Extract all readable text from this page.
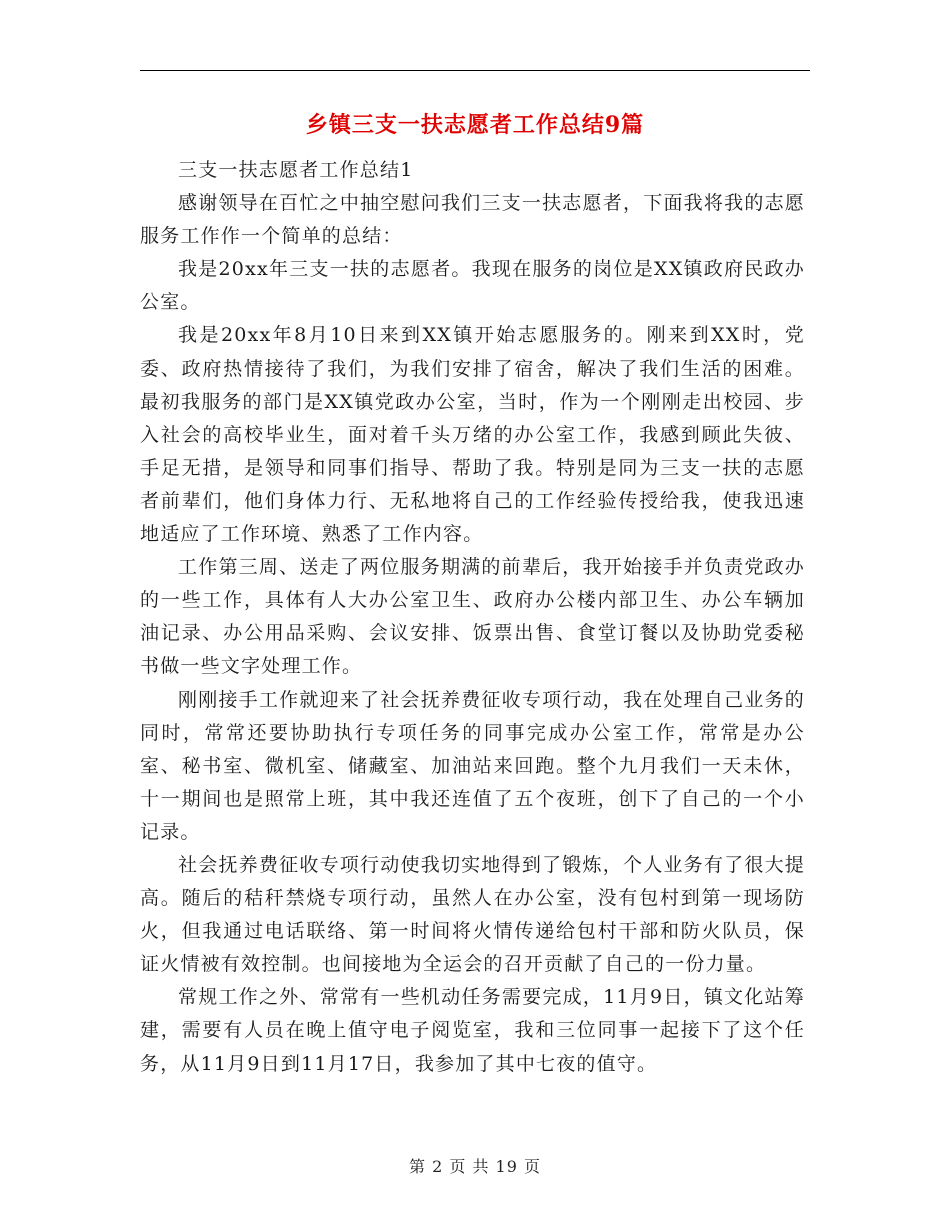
乡镇三支一扶志愿者工作总结9篇

三支一扶志愿者工作总结1

感谢领导在百忙之中抽空慰问我们三支一扶志愿者，下面我将我的志愿服务工作作一个简单的总结：

我是20xx年三支一扶的志愿者。我现在服务的岗位是XX镇政府民政办公室。

我是20xx年8月10日来到XX镇开始志愿服务的。刚来到XX时，党委、政府热情接待了我们，为我们安排了宿舍，解决了我们生活的困难。最初我服务的部门是XX镇党政办公室，当时，作为一个刚刚走出校园、步入社会的高校毕业生，面对着千头万绪的办公室工作，我感到顾此失彼、手足无措，是领导和同事们指导、帮助了我。特别是同为三支一扶的志愿者前辈们，他们身体力行、无私地将自己的工作经验传授给我，使我迅速地适应了工作环境、熟悉了工作内容。

工作第三周、送走了两位服务期满的前辈后，我开始接手并负责党政办的一些工作，具体有人大办公室卫生、政府办公楼内部卫生、办公车辆加油记录、办公用品采购、会议安排、饭票出售、食堂订餐以及协助党委秘书做一些文字处理工作。

刚刚接手工作就迎来了社会抚养费征收专项行动，我在处理自己业务的同时，常常还要协助执行专项任务的同事完成办公室工作，常常是办公室、秘书室、微机室、储藏室、加油站来回跑。整个九月我们一天未休，十一期间也是照常上班，其中我还连值了五个夜班，创下了自己的一个小记录。

社会抚养费征收专项行动使我切实地得到了锻炼，个人业务有了很大提高。随后的秸秆禁烧专项行动，虽然人在办公室，没有包村到第一现场防火，但我通过电话联络、第一时间将火情传递给包村干部和防火队员，保证火情被有效控制。也间接地为全运会的召开贡献了自己的一份力量。

常规工作之外、常常有一些机动任务需要完成，11月9日，镇文化站筹建，需要有人员在晚上值守电子阅览室，我和三位同事一起接下了这个任务，从11月9日到11月17日，我参加了其中七夜的值守。

第 2 页 共 19 页
